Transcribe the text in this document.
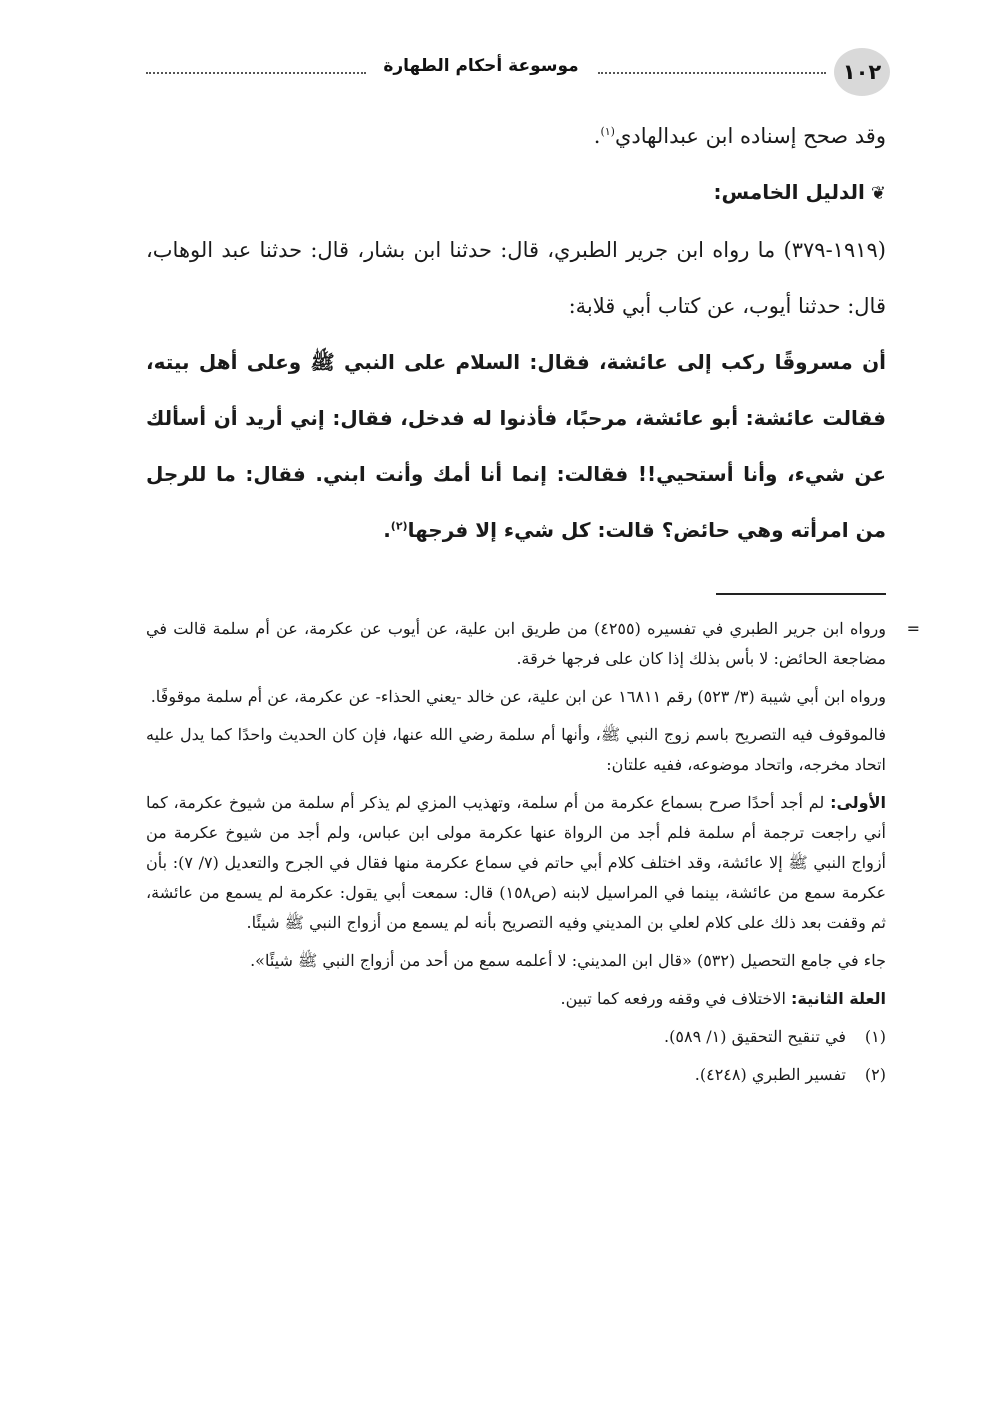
١٠٢
موسوعة أحكام الطهارة

وقد صحح إسناده ابن عبدالهادي$^{(١)}$.

❦الدليل الخامس:

(١٩١٩-٣٧٩) ما رواه ابن جرير الطبري، قال: حدثنا ابن بشار، قال: حدثنا عبد الوهاب، قال: حدثنا أيوب، عن كتاب أبي قلابة:

أن مسروقًا ركب إلى عائشة، فقال: السلام على النبي ﷺ وعلى أهل بيته، فقالت عائشة: أبو عائشة، مرحبًا، فأذنوا له فدخل، فقال: إني أريد أن أسألك عن شيء، وأنا أستحيي!! فقالت: إنما أنا أمك وأنت ابني. فقال: ما للرجل من امرأته وهي حائض؟ قالت: كل شيء إلا فرجها$^{(٢)}$.

=
ورواه ابن جرير الطبري في تفسيره (٤٢٥٥) من طريق ابن علية، عن أيوب عن عكرمة، عن أم سلمة قالت في مضاجعة الحائض: لا بأس بذلك إذا كان على فرجها خرقة.

ورواه ابن أبي شيبة (٣/ ٥٢٣) رقم ١٦٨١١ عن ابن علية، عن خالد -يعني الحذاء- عن عكرمة، عن أم سلمة موقوفًا.

فالموقوف فيه التصريح باسم زوج النبي ﷺ، وأنها أم سلمة رضي الله عنها، فإن كان الحديث واحدًا كما يدل عليه اتحاد مخرجه، واتحاد موضوعه، ففيه علتان:

الأولى: لم أجد أحدًا صرح بسماع عكرمة من أم سلمة، وتهذيب المزي لم يذكر أم سلمة من شيوخ عكرمة، كما أني راجعت ترجمة أم سلمة فلم أجد من الرواة عنها عكرمة مولى ابن عباس، ولم أجد من شيوخ عكرمة من أزواج النبي ﷺ إلا عائشة، وقد اختلف كلام أبي حاتم في سماع عكرمة منها فقال في الجرح والتعديل (٧/ ٧): بأن عكرمة سمع من عائشة، بينما في المراسيل لابنه (ص١٥٨) قال: سمعت أبي يقول: عكرمة لم يسمع من عائشة، ثم وقفت بعد ذلك على كلام لعلي بن المديني وفيه التصريح بأنه لم يسمع من أزواج النبي ﷺ شيئًا.

جاء في جامع التحصيل (٥٣٢) «قال ابن المديني: لا أعلمه سمع من أحد من أزواج النبي ﷺ شيئًا».

العلة الثانية: الاختلاف في وقفه ورفعه كما تبين.

(١)في تنقيح التحقيق (١/ ٥٨٩).
(٢)تفسير الطبري (٤٢٤٨).
